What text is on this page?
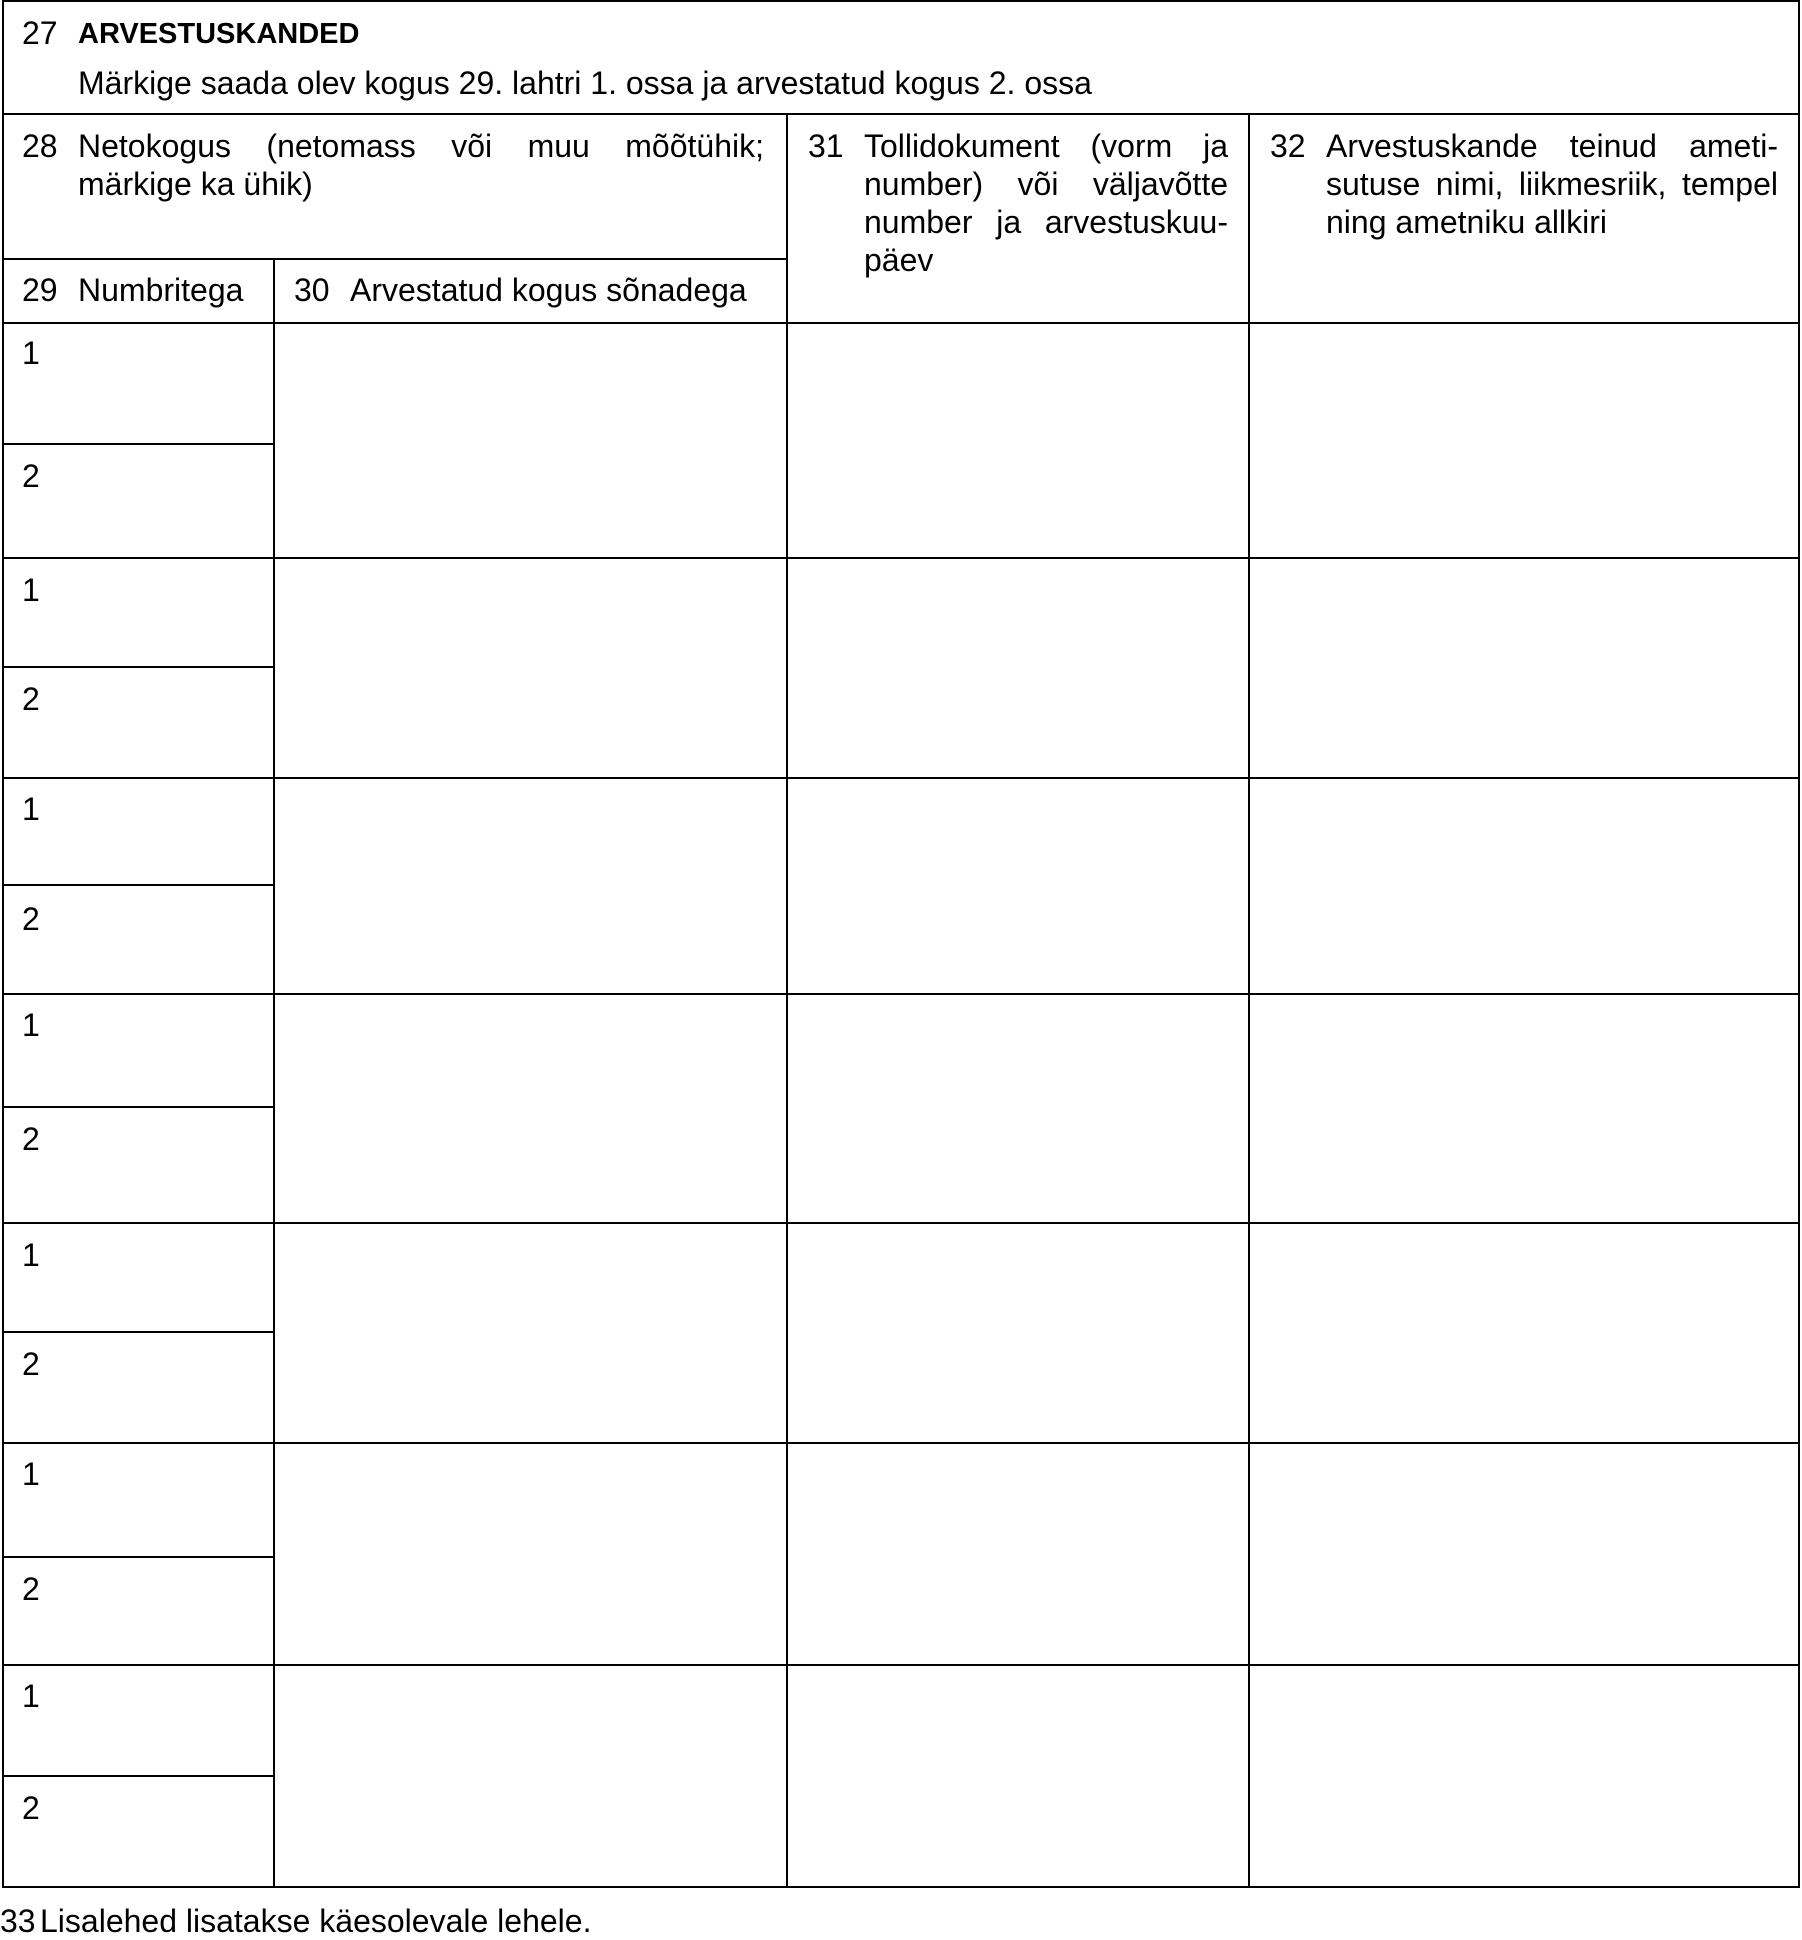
27 ARVESTUSKANDED
Märkige saada olev kogus 29. lahtri 1. ossa ja arvestatud kogus 2. ossa
28 Netokogus (netomass või muu mõõtühik; märkige ka ühik)
29 Numbritega 30 Arvestatud kogus sõnadega
31 Tollidokument (vorm ja number) või väljavõtte number ja arvestuskuu-päev
32 Arvestuskande teinud ameti-sutuse nimi, liikmesriik, tempel ning ametniku allkiri
1
2
1
2
1
2
1
2
1
2
1
2
1
2
33 Lisalehed lisatakse käesolevale lehele.
